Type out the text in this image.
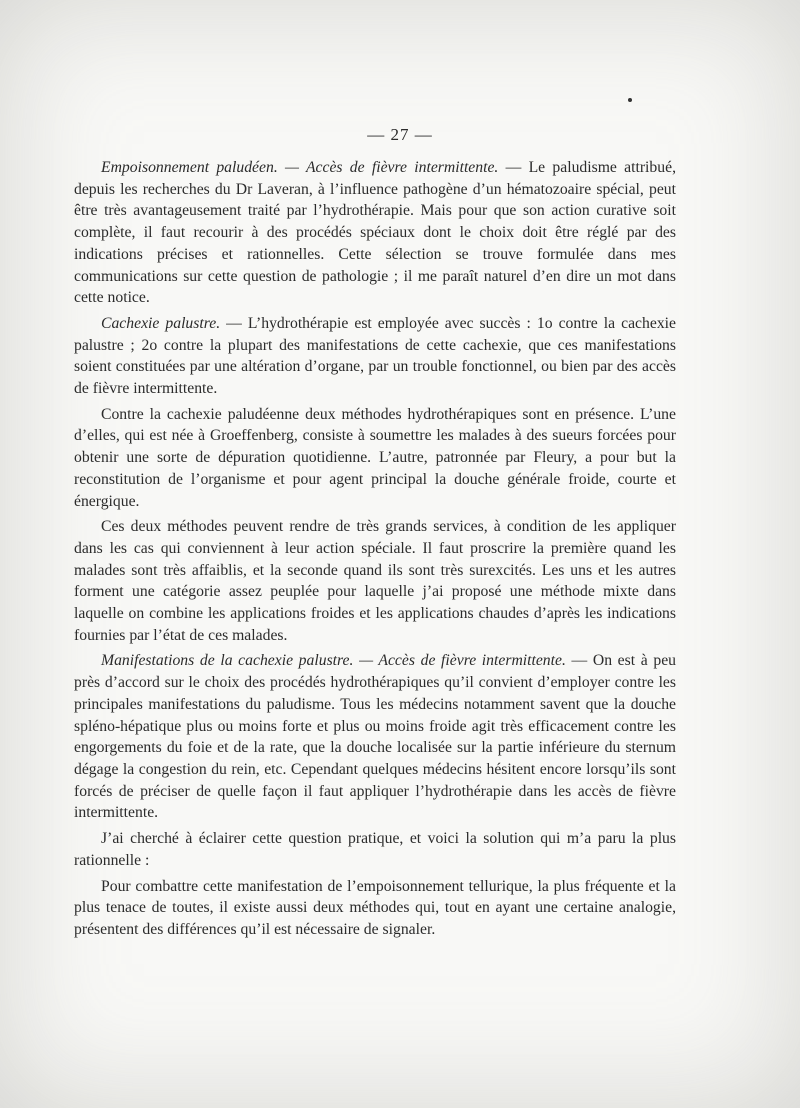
— 27 —

Empoisonnement paludéen. — Accès de fièvre intermittente. — Le paludisme attribué, depuis les recherches du Dr Laveran, à l’influence pathogène d’un hématozoaire spécial, peut être très avantageusement traité par l’hydrothérapie. Mais pour que son action curative soit complète, il faut recourir à des procédés spéciaux dont le choix doit être réglé par des indications précises et rationnelles. Cette sélection se trouve formulée dans mes communications sur cette question de pathologie ; il me paraît naturel d’en dire un mot dans cette notice.

Cachexie palustre. — L’hydrothérapie est employée avec succès : 1o contre la cachexie palustre ; 2o contre la plupart des manifestations de cette cachexie, que ces manifestations soient constituées par une altération d’organe, par un trouble fonctionnel, ou bien par des accès de fièvre intermittente.

Contre la cachexie paludéenne deux méthodes hydrothérapiques sont en présence. L’une d’elles, qui est née à Groeffenberg, consiste à soumettre les malades à des sueurs forcées pour obtenir une sorte de dépuration quotidienne. L’autre, patronnée par Fleury, a pour but la reconstitution de l’organisme et pour agent principal la douche générale froide, courte et énergique.

Ces deux méthodes peuvent rendre de très grands services, à condition de les appliquer dans les cas qui conviennent à leur action spéciale. Il faut proscrire la première quand les malades sont très affaiblis, et la seconde quand ils sont très surexcités. Les uns et les autres forment une catégorie assez peuplée pour laquelle j’ai proposé une méthode mixte dans laquelle on combine les applications froides et les applications chaudes d’après les indications fournies par l’état de ces malades.

Manifestations de la cachexie palustre. — Accès de fièvre intermittente. — On est à peu près d’accord sur le choix des procédés hydrothérapiques qu’il convient d’employer contre les principales manifestations du paludisme. Tous les médecins notamment savent que la douche spléno-hépatique plus ou moins forte et plus ou moins froide agit très efficacement contre les engorgements du foie et de la rate, que la douche localisée sur la partie inférieure du sternum dégage la congestion du rein, etc. Cependant quelques médecins hésitent encore lorsqu’ils sont forcés de préciser de quelle façon il faut appliquer l’hydrothérapie dans les accès de fièvre intermittente.

J’ai cherché à éclairer cette question pratique, et voici la solution qui m’a paru la plus rationnelle :

Pour combattre cette manifestation de l’empoisonnement tellurique, la plus fréquente et la plus tenace de toutes, il existe aussi deux méthodes qui, tout en ayant une certaine analogie, présentent des différences qu’il est nécessaire de signaler.
